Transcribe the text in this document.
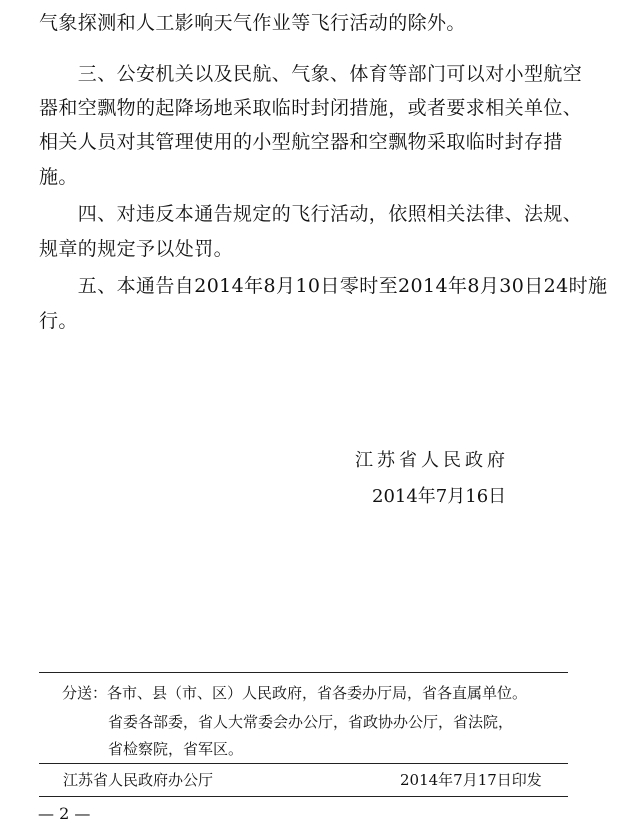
气象探测和人工影响天气作业等飞行活动的除外。
　　三、公安机关以及民航、气象、体育等部门可以对小型航空
器和空飘物的起降场地采取临时封闭措施，或者要求相关单位、
相关人员对其管理使用的小型航空器和空飘物采取临时封存措
施。
　　四、对违反本通告规定的飞行活动，依照相关法律、法规、
规章的规定予以处罚。
　　五、本通告自2014年8月10日零时至2014年8月30日24时施
行。
江苏省人民政府
2014年7月16日
分送：各市、县（市、区）人民政府，省各委办厅局，省各直属单位。
省委各部委，省人大常委会办公厅，省政协办公厅，省法院，
省检察院，省军区。
江苏省人民政府办公厅	2014年7月17日印发
— 2 —
